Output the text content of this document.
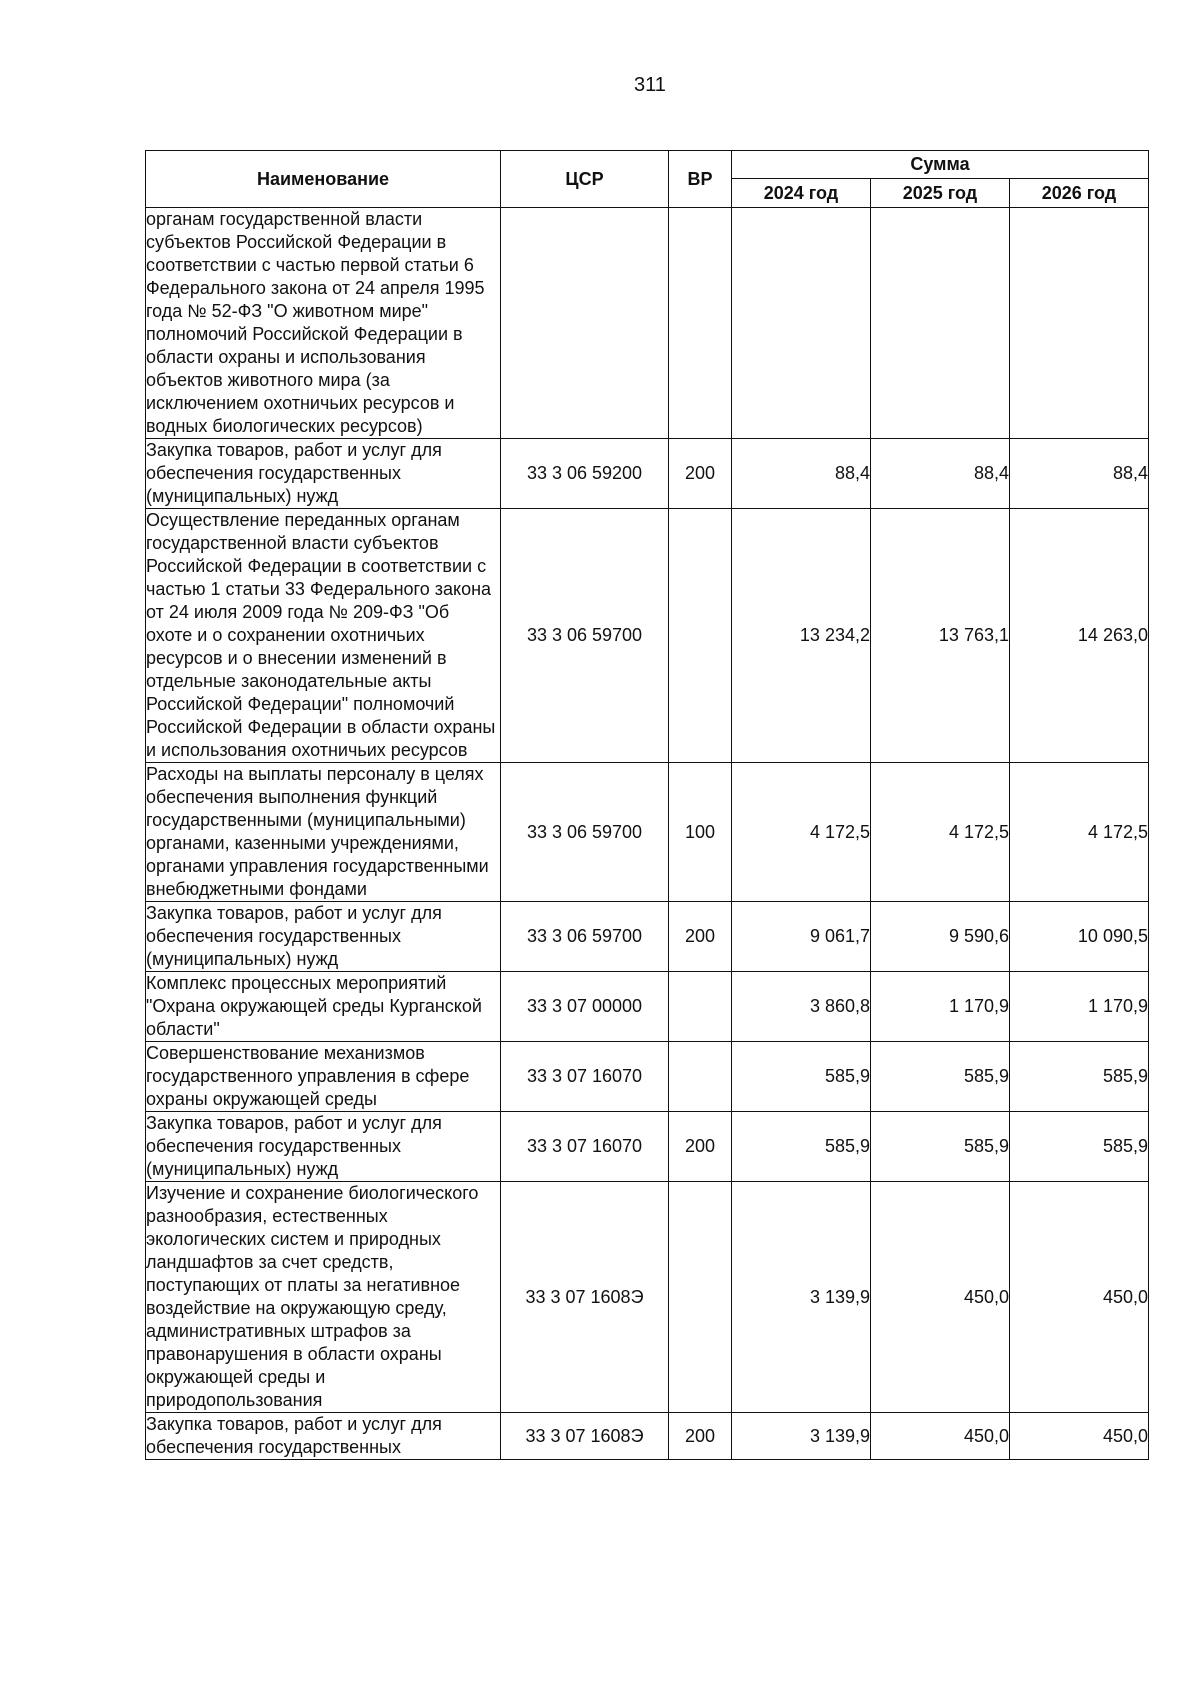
311
Наименование	ЦСР	ВР	Сумма		
			2024 год	2025 год	2026 год
органам государственной власти субъектов Российской Федерации в соответствии с частью первой статьи 6 Федерального закона от 24 апреля 1995 года № 52-ФЗ "О животном мире" полномочий Российской Федерации в области охраны и использования объектов животного мира (за исключением охотничьих ресурсов и водных биологических ресурсов)					
Закупка товаров, работ и услуг для обеспечения государственных (муниципальных) нужд	33 3 06 59200	200	88,4	88,4	88,4
Осуществление переданных органам государственной власти субъектов Российской Федерации в соответствии с частью 1 статьи 33 Федерального закона от 24 июля 2009 года № 209-ФЗ "Об охоте и о сохранении охотничьих ресурсов и о внесении изменений в отдельные законодательные акты Российской Федерации" полномочий Российской Федерации в области охраны и использования охотничьих ресурсов	33 3 06 59700		13 234,2	13 763,1	14 263,0
Расходы на выплаты персоналу в целях обеспечения выполнения функций государственными (муниципальными) органами, казенными учреждениями, органами управления государственными внебюджетными фондами	33 3 06 59700	100	4 172,5	4 172,5	4 172,5
Закупка товаров, работ и услуг для обеспечения государственных (муниципальных) нужд	33 3 06 59700	200	9 061,7	9 590,6	10 090,5
Комплекс процессных мероприятий "Охрана окружающей среды Курганской области"	33 3 07 00000		3 860,8	1 170,9	1 170,9
Совершенствование механизмов государственного управления в сфере охраны окружающей среды	33 3 07 16070		585,9	585,9	585,9
Закупка товаров, работ и услуг для обеспечения государственных (муниципальных) нужд	33 3 07 16070	200	585,9	585,9	585,9
Изучение и сохранение биологического разнообразия, естественных экологических систем и природных ландшафтов за счет средств, поступающих от платы за негативное воздействие на окружающую среду, административных штрафов за правонарушения в области охраны окружающей среды и природопользования	33 3 07 1608Э		3 139,9	450,0	450,0
Закупка товаров, работ и услуг для обеспечения государственных	33 3 07 1608Э	200	3 139,9	450,0	450,0
